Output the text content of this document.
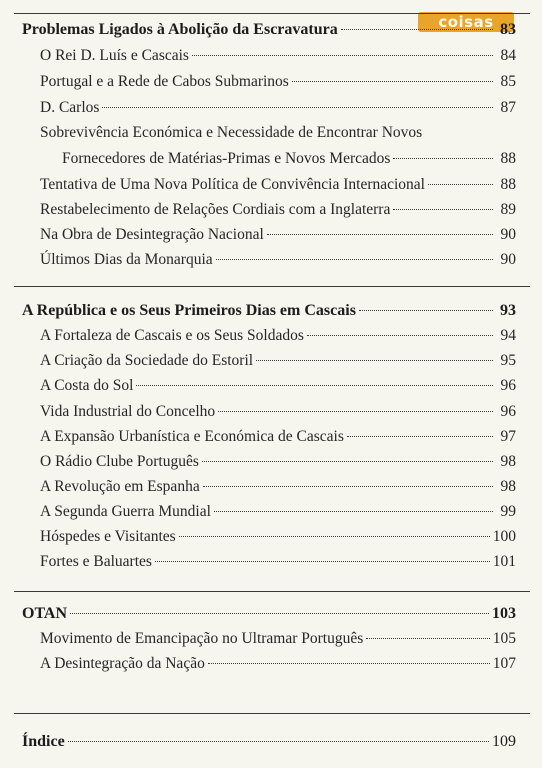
coisas
Problemas Ligados à Abolição da Escravatura	83
O Rei D. Luís e Cascais	84
Portugal e a Rede de Cabos Submarinos	85
D. Carlos	87
Sobrevivência Económica e Necessidade de Encontrar Novos
Fornecedores de Matérias-Primas e Novos Mercados	88
Tentativa de Uma Nova Política de Convivência Internacional	88
Restabelecimento de Relações Cordiais com a Inglaterra	89
Na Obra de Desintegração Nacional	90
Últimos Dias da Monarquia	90
A República e os Seus Primeiros Dias em Cascais	93
A Fortaleza de Cascais e os Seus Soldados	94
A Criação da Sociedade do Estoril	95
A Costa do Sol	96
Vida Industrial do Concelho	96
A Expansão Urbanística e Económica de Cascais	97
O Rádio Clube Português	98
A Revolução em Espanha	98
A Segunda Guerra Mundial	99
Hóspedes e Visitantes	100
Fortes e Baluartes	101
OTAN	103
Movimento de Emancipação no Ultramar Português	105
A Desintegração da Nação	107
Índice	109
